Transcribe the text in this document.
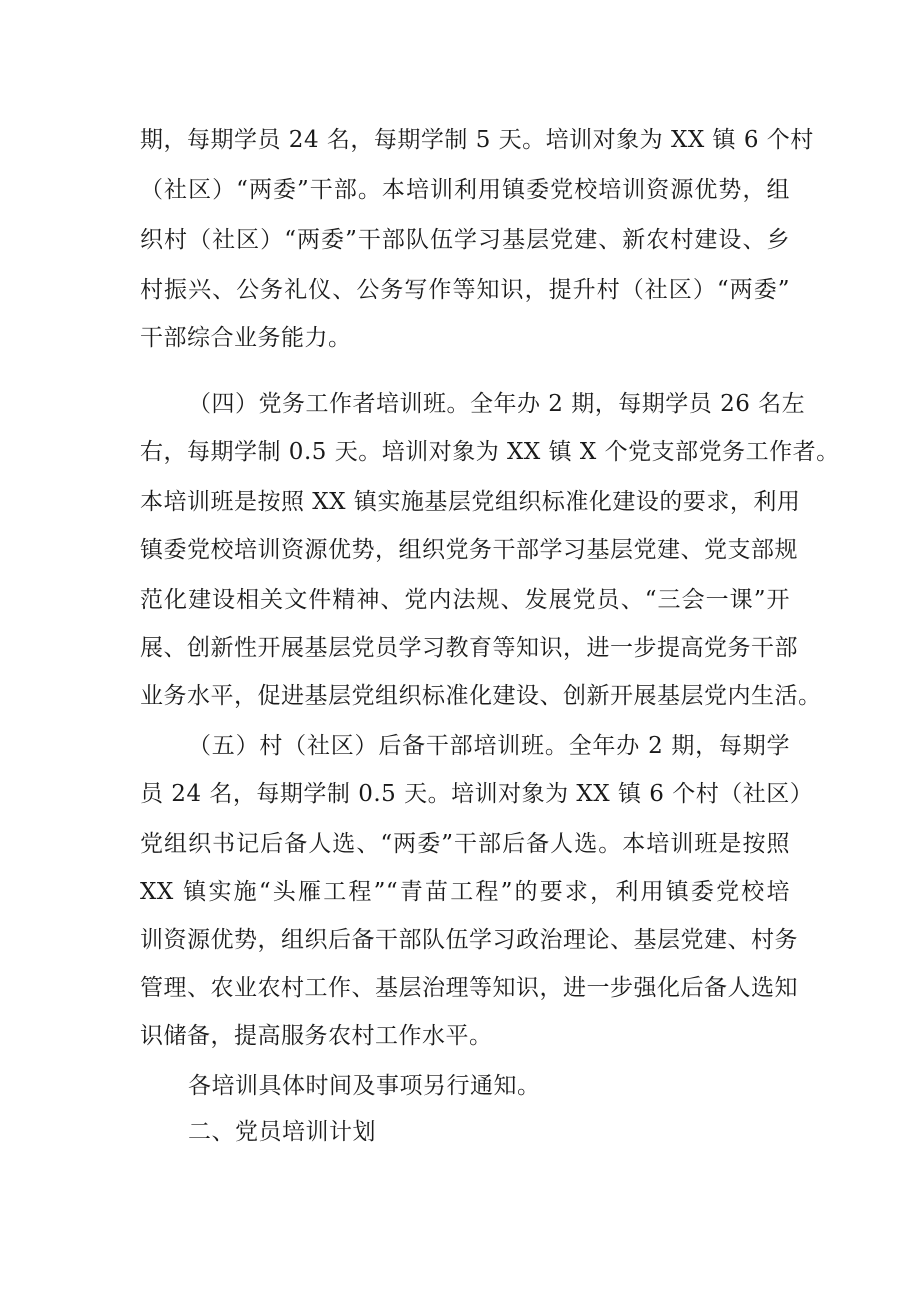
期，每期学员 24 名，每期学制 5 天。培训对象为 XX 镇 6 个村
（社区）“两委”干部。本培训利用镇委党校培训资源优势，组
织村（社区）“两委”干部队伍学习基层党建、新农村建设、乡
村振兴、公务礼仪、公务写作等知识，提升村（社区）“两委”
干部综合业务能力。
（四）党务工作者培训班。全年办 2 期，每期学员 26 名左
右，每期学制 0.5 天。培训对象为 XX 镇 X 个党支部党务工作者。
本培训班是按照 XX 镇实施基层党组织标准化建设的要求，利用
镇委党校培训资源优势，组织党务干部学习基层党建、党支部规
范化建设相关文件精神、党内法规、发展党员、“三会一课”开
展、创新性开展基层党员学习教育等知识，进一步提高党务干部
业务水平，促进基层党组织标准化建设、创新开展基层党内生活。
（五）村（社区）后备干部培训班。全年办 2 期，每期学
员 24 名，每期学制 0.5 天。培训对象为 XX 镇 6 个村（社区）
党组织书记后备人选、“两委”干部后备人选。本培训班是按照
XX 镇实施“头雁工程”“青苗工程”的要求，利用镇委党校培
训资源优势，组织后备干部队伍学习政治理论、基层党建、村务
管理、农业农村工作、基层治理等知识，进一步强化后备人选知
识储备，提高服务农村工作水平。
各培训具体时间及事项另行通知。
二、党员培训计划
